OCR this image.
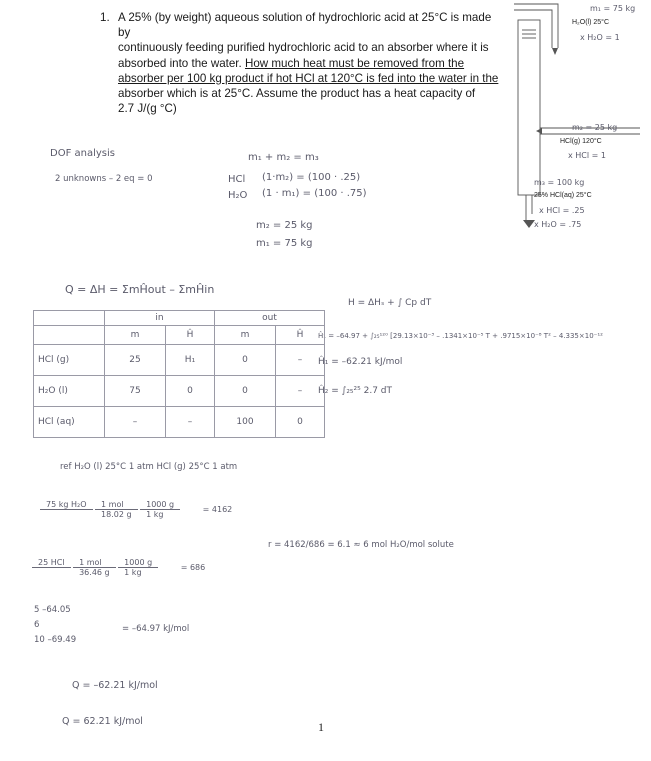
1. A 25% (by weight) aqueous solution of hydrochloric acid at 25°C is made by
continuously feeding purified hydrochloric acid to an absorber where it is
absorbed into the water. How much heat must be removed from the
absorber per 100 kg product if hot HCl at 120°C is fed into the water in the
absorber which is at 25°C. Assume the product has a heat capacity of
2.7 J/(g °C)
m₁ = 75 kg
H₂O(l) 25°C
x H₂O = 1
m₂ = 25 kg
HCl(g) 120°C
x HCl = 1
m₃ = 100 kg
25% HCl(aq) 25°C
x HCl = .25
x H₂O = .75
DOF analysis
2 unknowns – 2 eq = 0
m₁ + m₂ = m₃
HCl (1·m₂) = (100 · .25)
H₂O (1 · m₁) = (100 · .75)
m₂ = 25 kg
m₁ = 75 kg
Q = ΔH = ΣmĤout – ΣmĤin
H = ΔHₛ + ∫ Cp dT
Ĥ₁ = –64.97 + ∫₂₅¹²⁰ [29.13×10⁻³ – .1341×10⁻⁵ T + .9715×10⁻⁸ T² – 4.335×10⁻¹²
Ĥ₁ = –62.21 kJ/mol
Ĥ₂ = ∫₂₅²⁵ 2.7 dT
	in		out	
	m	Ĥ	m	Ĥ
HCl (g)	25	H₁	0	–
H₂O (l)	75	0	0	–
HCl (aq)	–	–	100	0
ref H₂O (l) 25°C 1 atm HCl (g) 25°C 1 atm
75 kg H₂O

	$\frac{\text{1 mol}}{18.02 g}$
$\frac{1000 g}{1 kg}$	= 4162
r = 4162/686 = 6.1 ≈ 6 mol H₂O/mol solute
25 HCl

	$\frac{\text{1 mol}}{36.46 g}$
$\frac{1000 g}{1 kg}$	= 686
5 –64.05
6
10 –69.49
= –64.97 kJ/mol
Q = –62.21 kJ/mol
Q = 62.21 kJ/mol	1
